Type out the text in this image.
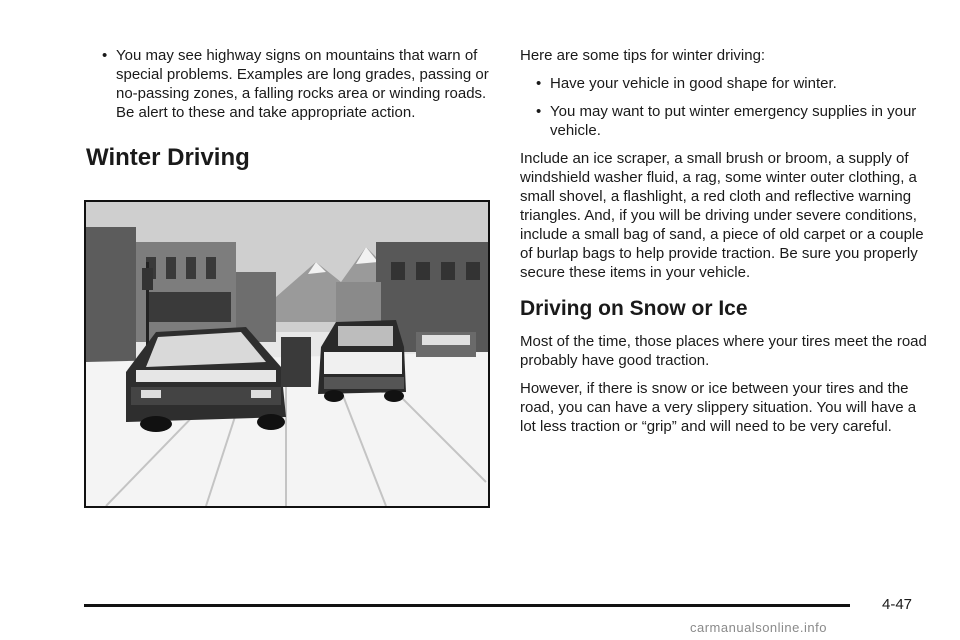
• You may see highway signs on mountains that warn of special problems. Examples are long grades, passing or no-passing zones, a falling rocks area or winding roads. Be alert to these and take appropriate action.
Winter Driving

Here are some tips for winter driving:

• Have your vehicle in good shape for winter.
• You may want to put winter emergency supplies in your vehicle.

Include an ice scraper, a small brush or broom, a supply of windshield washer fluid, a rag, some winter outer clothing, a small shovel, a flashlight, a red cloth and reflective warning triangles. And, if you will be driving under severe conditions, include a small bag of sand, a piece of old carpet or a couple of burlap bags to help provide traction. Be sure you properly secure these items in your vehicle.

Driving on Snow or Ice

Most of the time, those places where your tires meet the road probably have good traction.

However, if there is snow or ice between your tires and the road, you can have a very slippery situation. You will have a lot less traction or “grip” and will need to be very careful.

4-47
carmanualsonline.info
